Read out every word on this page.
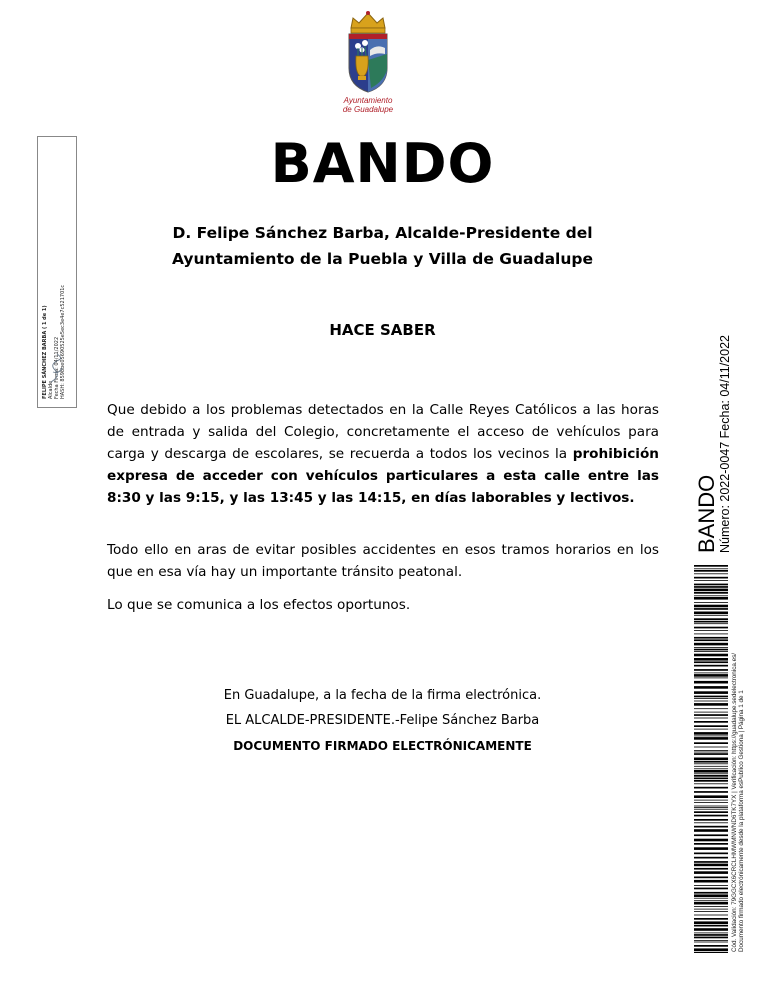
Ayuntamiento
de Guadalupe
BANDO
D. Felipe Sánchez Barba, Alcalde-Presidente del
Ayuntamiento de la Puebla y Villa de Guadalupe
HACE SABER
Que debido a los problemas detectados en la Calle Reyes Católicos a las horas de entrada y salida del Colegio, concretamente el acceso de vehículos para carga y descarga de escolares, se recuerda a todos los vecinos la prohibición expresa de acceder con vehículos particulares a esta calle entre las 8:30 y las 9:15, y las 13:45 y las 14:15, en días laborables y lectivos.
Todo ello en aras de evitar posibles accidentes en esos tramos horarios en los que en esa vía hay un importante tránsito peatonal.
Lo que se comunica a los efectos oportunos.
En Guadalupe, a la fecha de la firma electrónica.
EL ALCALDE-PRESIDENTE.-Felipe Sánchez Barba
DOCUMENTO FIRMADO ELECTRÓNICAMENTE
FELIPE SÁNCHEZ BARBA ( 1 de 1) Alcalde Fecha Firma: 04/11/2022 HASH: 8598be05690525e5ec3e4e7c521701c
BANDO Número: 2022-0047 Fecha: 04/11/2022
Cód. Validación: 79GGCX6CRCLHMWMNWND6TK7YX | Verificación: https://guadalupe.sedelectronica.es/ Documento firmado electrónicamente desde la plataforma esPublico Gestiona | Página 1 de 1
